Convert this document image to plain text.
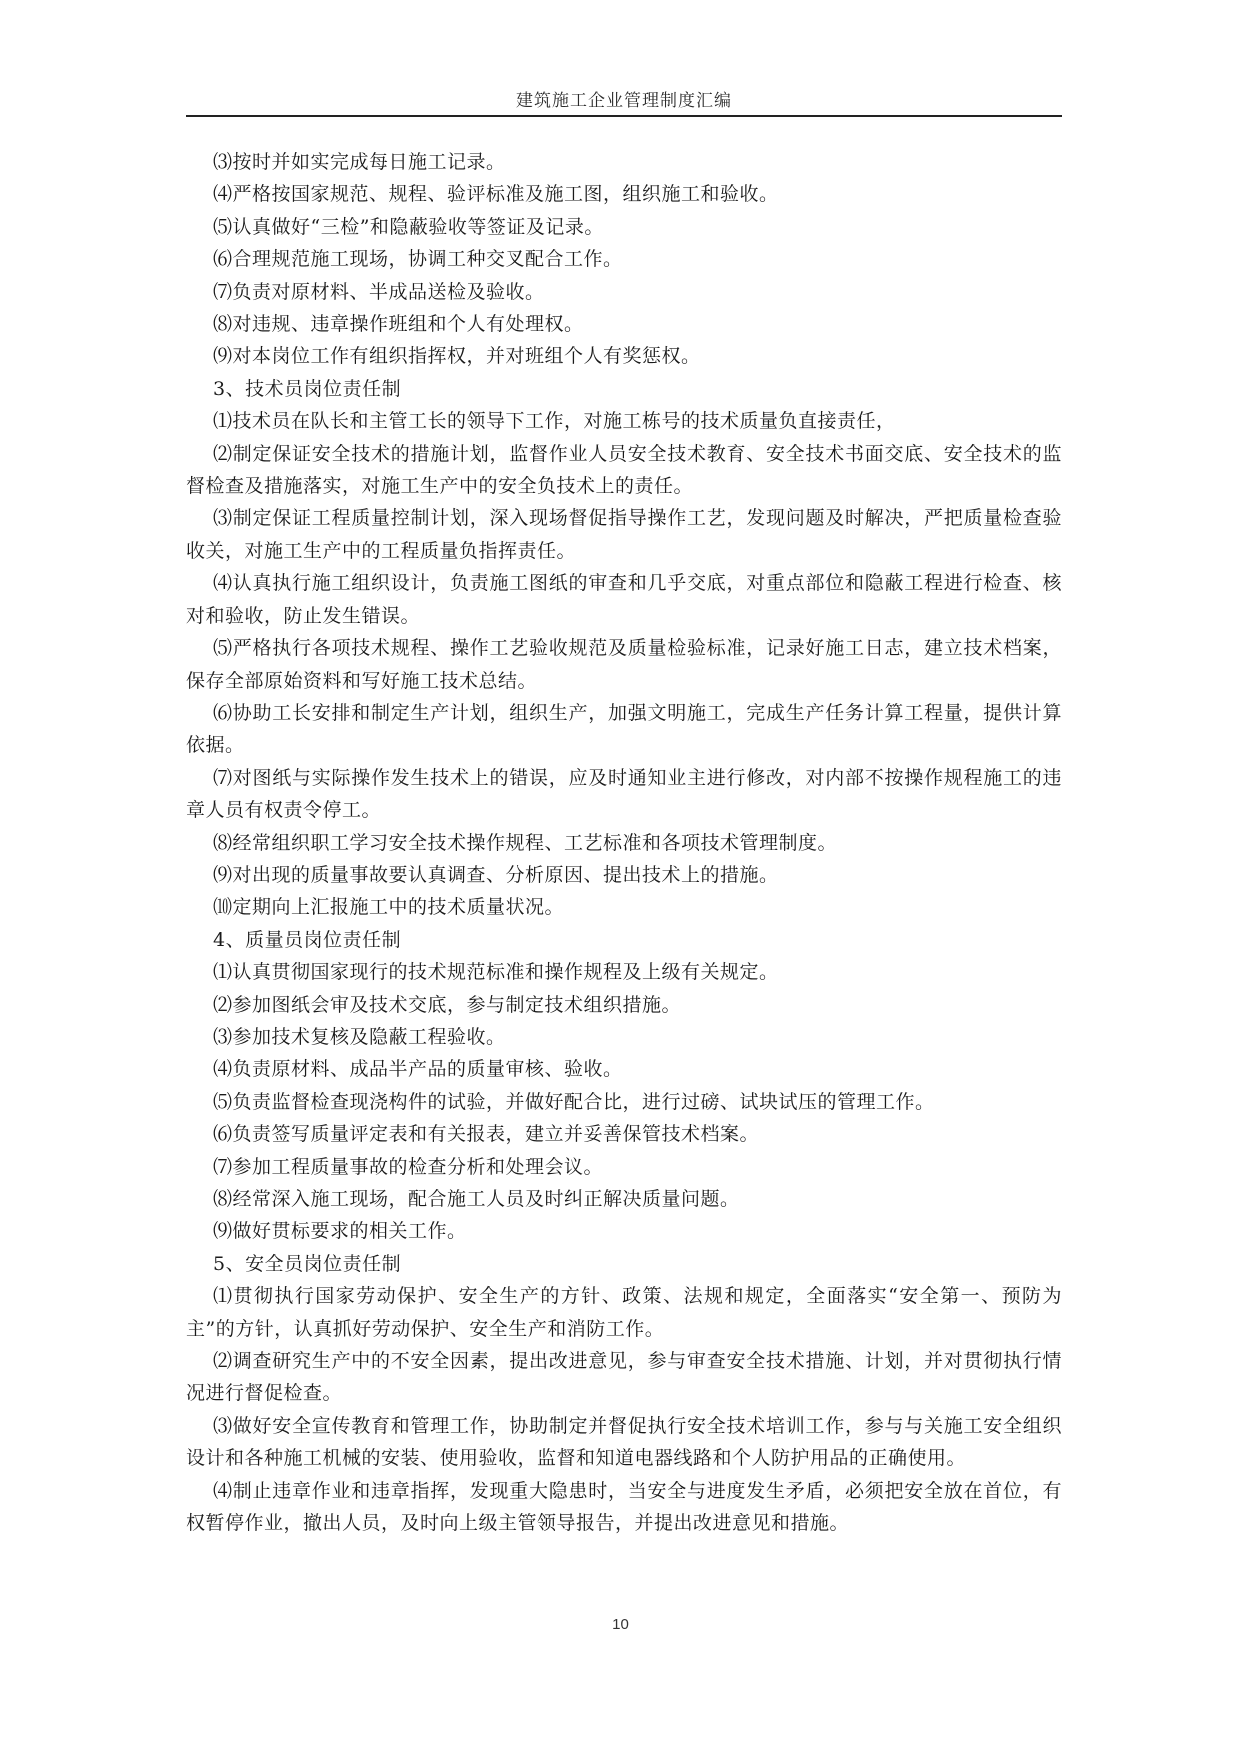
建筑施工企业管理制度汇编

⑶按时并如实完成每日施工记录。

⑷严格按国家规范、规程、验评标准及施工图，组织施工和验收。

⑸认真做好“三检”和隐蔽验收等签证及记录。

⑹合理规范施工现场，协调工种交叉配合工作。

⑺负责对原材料、半成品送检及验收。

⑻对违规、违章操作班组和个人有处理权。

⑼对本岗位工作有组织指挥权，并对班组个人有奖惩权。

3、技术员岗位责任制

⑴技术员在队长和主管工长的领导下工作，对施工栋号的技术质量负直接责任，

⑵制定保证安全技术的措施计划，监督作业人员安全技术教育、安全技术书面交底、安全技术的监督检查及措施落实，对施工生产中的安全负技术上的责任。

⑶制定保证工程质量控制计划，深入现场督促指导操作工艺，发现问题及时解决，严把质量检查验收关，对施工生产中的工程质量负指挥责任。

⑷认真执行施工组织设计，负责施工图纸的审查和几乎交底，对重点部位和隐蔽工程进行检查、核对和验收，防止发生错误。

⑸严格执行各项技术规程、操作工艺验收规范及质量检验标准，记录好施工日志，建立技术档案，保存全部原始资料和写好施工技术总结。

⑹协助工长安排和制定生产计划，组织生产，加强文明施工，完成生产任务计算工程量，提供计算依据。

⑺对图纸与实际操作发生技术上的错误，应及时通知业主进行修改，对内部不按操作规程施工的违章人员有权责令停工。

⑻经常组织职工学习安全技术操作规程、工艺标准和各项技术管理制度。

⑼对出现的质量事故要认真调查、分析原因、提出技术上的措施。

⑽定期向上汇报施工中的技术质量状况。

4、质量员岗位责任制

⑴认真贯彻国家现行的技术规范标准和操作规程及上级有关规定。

⑵参加图纸会审及技术交底，参与制定技术组织措施。

⑶参加技术复核及隐蔽工程验收。

⑷负责原材料、成品半产品的质量审核、验收。

⑸负责监督检查现浇构件的试验，并做好配合比，进行过磅、试块试压的管理工作。

⑹负责签写质量评定表和有关报表，建立并妥善保管技术档案。

⑺参加工程质量事故的检查分析和处理会议。

⑻经常深入施工现场，配合施工人员及时纠正解决质量问题。

⑼做好贯标要求的相关工作。

5、安全员岗位责任制

⑴贯彻执行国家劳动保护、安全生产的方针、政策、法规和规定，全面落实“安全第一、预防为主”的方针，认真抓好劳动保护、安全生产和消防工作。

⑵调查研究生产中的不安全因素，提出改进意见，参与审查安全技术措施、计划，并对贯彻执行情况进行督促检查。

⑶做好安全宣传教育和管理工作，协助制定并督促执行安全技术培训工作，参与与关施工安全组织设计和各种施工机械的安装、使用验收，监督和知道电器线路和个人防护用品的正确使用。

⑷制止违章作业和违章指挥，发现重大隐患时，当安全与进度发生矛盾，必须把安全放在首位，有权暂停作业，撤出人员，及时向上级主管领导报告，并提出改进意见和措施。

10
